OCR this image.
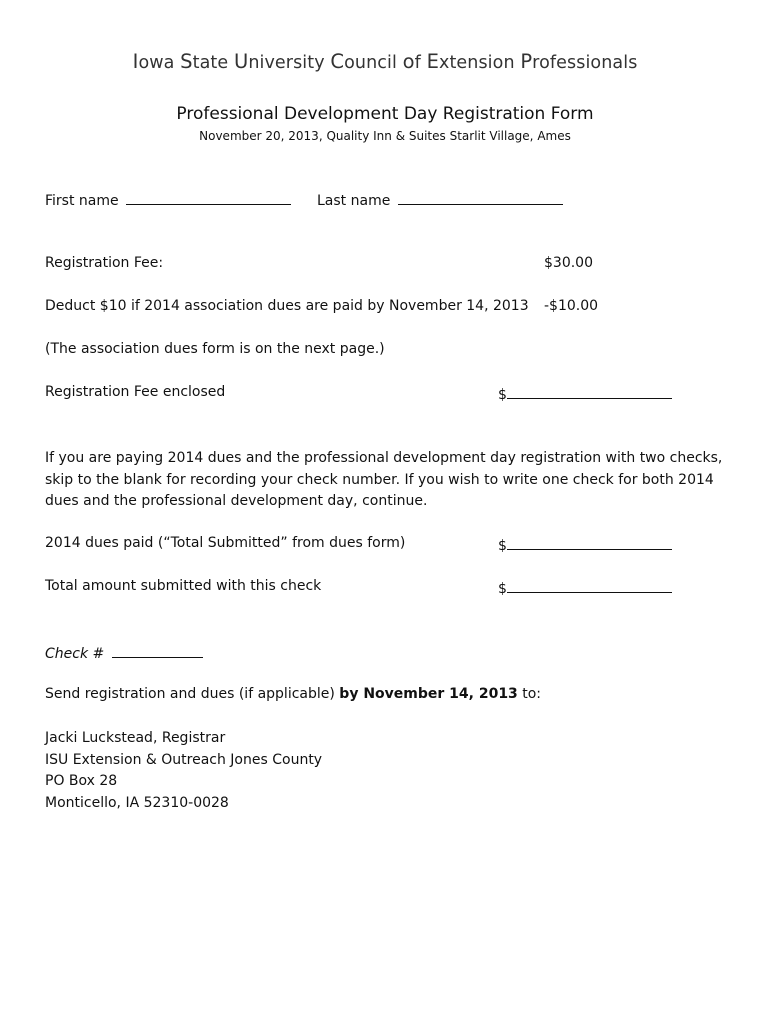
Iowa State University Council of Extension Professionals
Professional Development Day Registration Form
November 20, 2013, Quality Inn & Suites Starlit Village, Ames
First name	Last name
Registration Fee:	$30.00
Deduct $10 if 2014 association dues are paid by November 14, 2013 -$10.00
(The association dues form is on the next page.)
Registration Fee enclosed	$
If you are paying 2014 dues and the professional development day registration with two checks, skip to the blank for recording your check number. If you wish to write one check for both 2014 dues and the professional development day, continue.
2014 dues paid (“Total Submitted” from dues form)	$
Total amount submitted with this check	$
Check #
Send registration and dues (if applicable) by November 14, 2013 to:
Jacki Luckstead, Registrar
ISU Extension & Outreach Jones County
PO Box 28
Monticello, IA 52310-0028
